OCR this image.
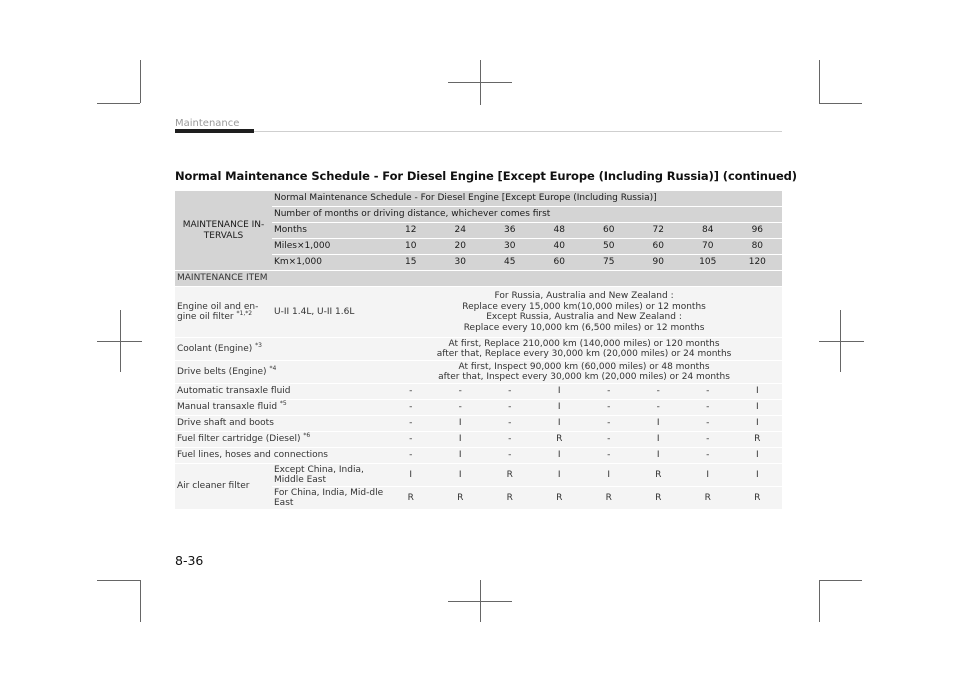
Maintenance
Normal Maintenance Schedule - For Diesel Engine [Except Europe (Including Russia)] (continued)
MAINTENANCE IN-TERVALS	Normal Maintenance Schedule - For Diesel Engine [Except Europe (Including Russia)]								
	Number of months or driving distance, whichever comes first								
	Months	12	24	36	48	60	72	84	96
	Miles×1,000	10	20	30	40	50	60	70	80
	Km×1,000	15	30	45	60	75	90	105	120
MAINTENANCE ITEM									
Engine oil and en-gine oil filter $^{*1,*2}$	U-II 1.4L, U-II 1.6L	For Russia, Australia and New Zealand :
Replace every 15,000 km(10,000 miles) or 12 months
Except Russia, Australia and New Zealand :
Replace every 10,000 km (6,500 miles) or 12 months							

Coolant (Engine) $^{*3}$		At first, Replace 210,000 km (140,000 miles) or 120 months
after that, Replace every 30,000 km (20,000 miles) or 24 months							

Drive belts (Engine) $^{*4}$		At first, Inspect 90,000 km (60,000 miles) or 48 months
after that, Inspect every 30,000 km (20,000 miles) or 24 months							

Automatic transaxle fluid		-	-	-	I	-	-	-	I
Manual transaxle fluid $^{*5}$		-	-	-	I	-	-	-	I
Drive shaft and boots		-	I	-	I	-	I	-	I
Fuel filter cartridge (Diesel) $^{*6}$		-	I	-	R	-	I	-	R
Fuel lines, hoses and connections		-	I	-	I	-	I	-	I
Air cleaner filter	Except China, India, Middle East	I	I	R	I	I	R	I	I
	For China, India, Mid-dle East	R	R	R	R	R	R	R	R
8-36
